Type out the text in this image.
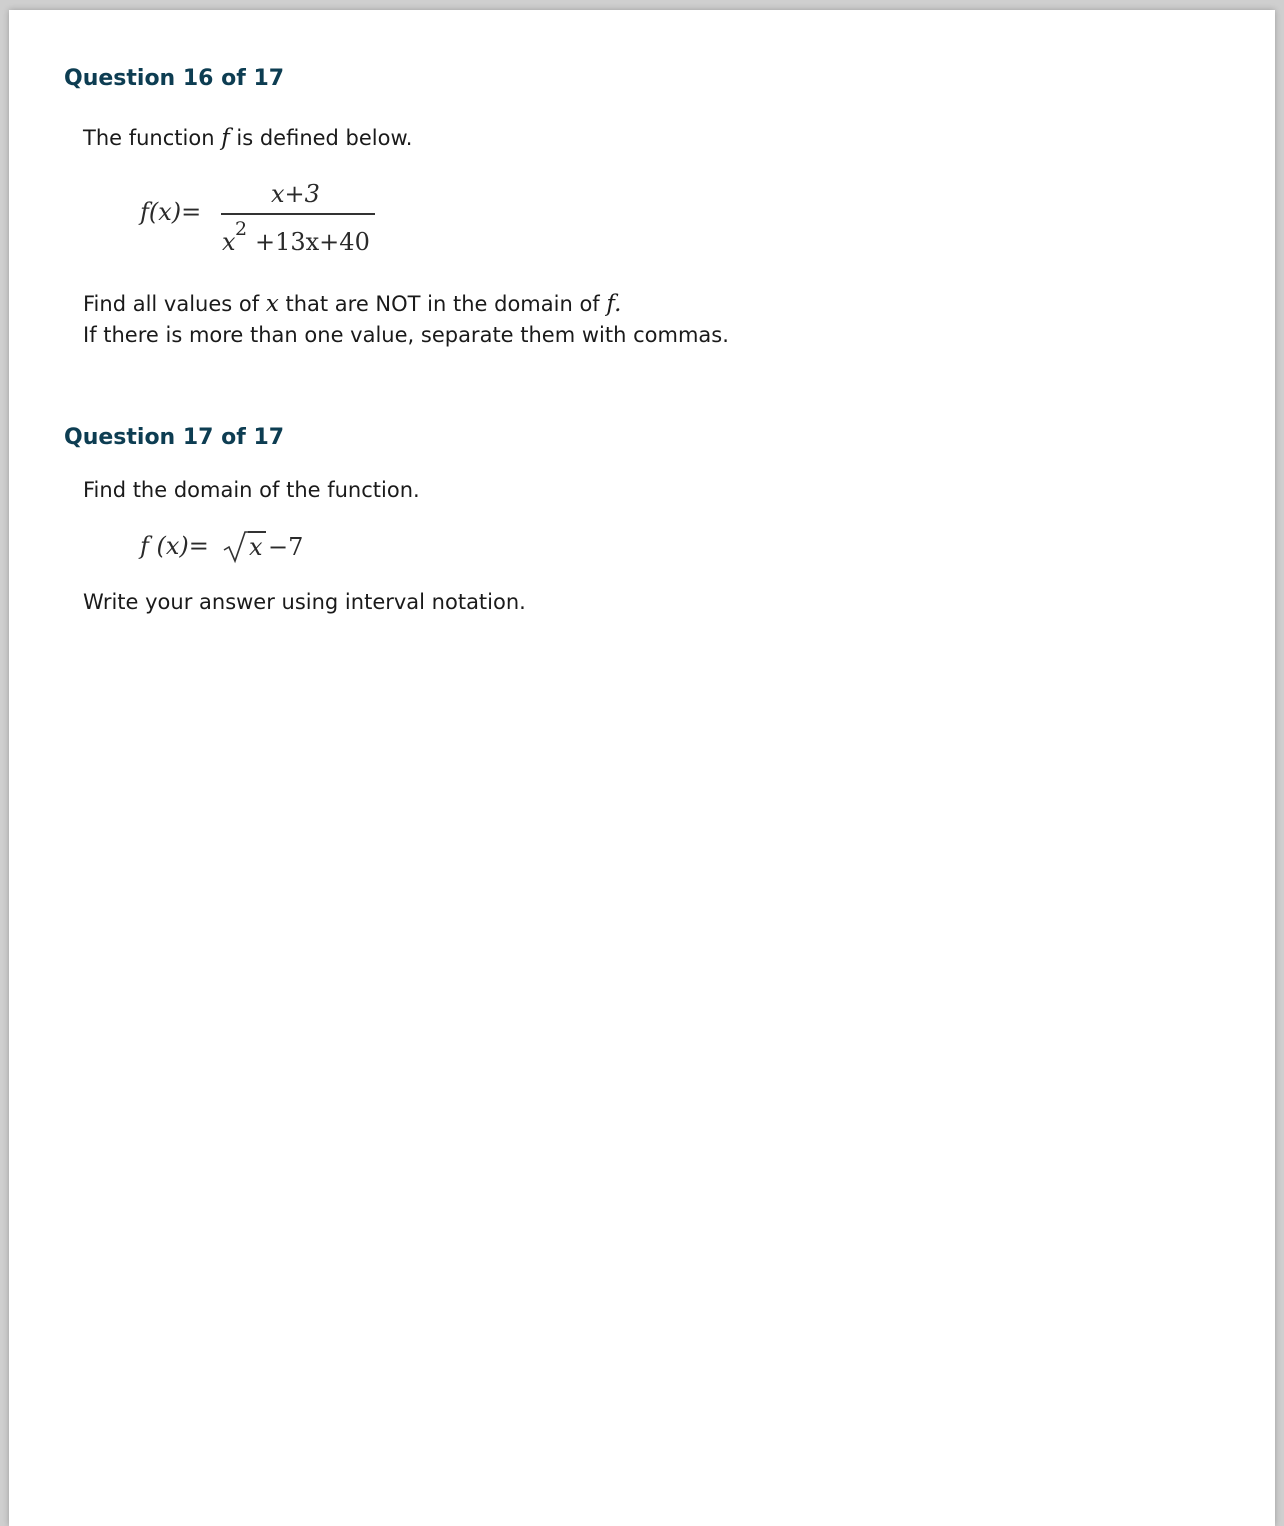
Question 16 of 17
The function f is defined below.
f(x)=
x+3
x 2 +13x+40
Find all values of x that are NOT in the domain of f.
If there is more than one value, separate them with commas.
Question 17 of 17
Find the domain of the function.
f (x)= x −7
Write your answer using interval notation.
